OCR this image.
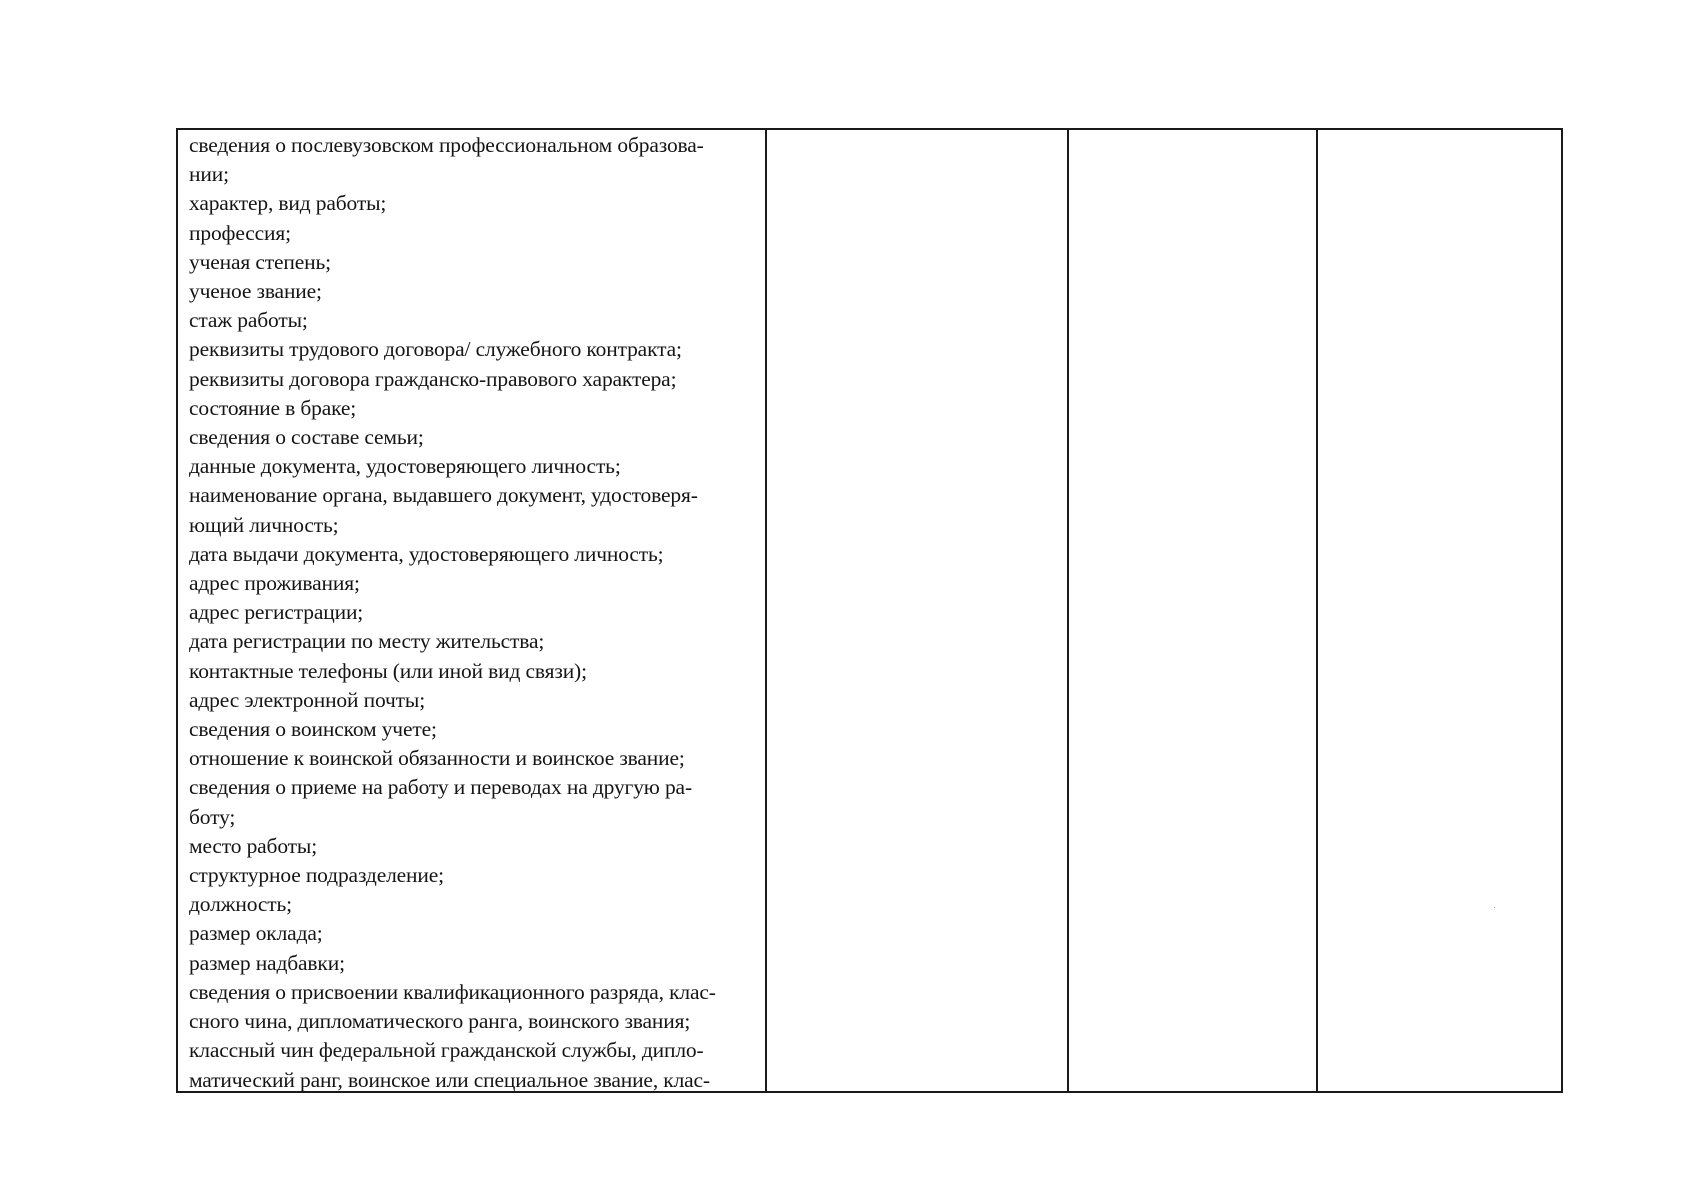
сведения о послевузовском профессиональном образова-
нии;
характер, вид работы;
профессия;
ученая степень;
ученое звание;
стаж работы;
реквизиты трудового договора/ служебного контракта;
реквизиты договора гражданско-правового характера;
состояние в браке;
сведения о составе семьи;
данные документа, удостоверяющего личность;
наименование органа, выдавшего документ, удостоверя-
ющий личность;
дата выдачи документа, удостоверяющего личность;
адрес проживания;
адрес регистрации;
дата регистрации по месту жительства;
контактные телефоны (или иной вид связи);
адрес электронной почты;
сведения о воинском учете;
отношение к воинской обязанности и воинское звание;
сведения о приеме на работу и переводах на другую ра-
боту;
место работы;
структурное подразделение;
должность;
размер оклада;
размер надбавки;
сведения о присвоении квалификационного разряда, клас-
сного чина, дипломатического ранга, воинского звания;
классный чин федеральной гражданской службы, дипло-
матический ранг, воинское или специальное звание, клас-
